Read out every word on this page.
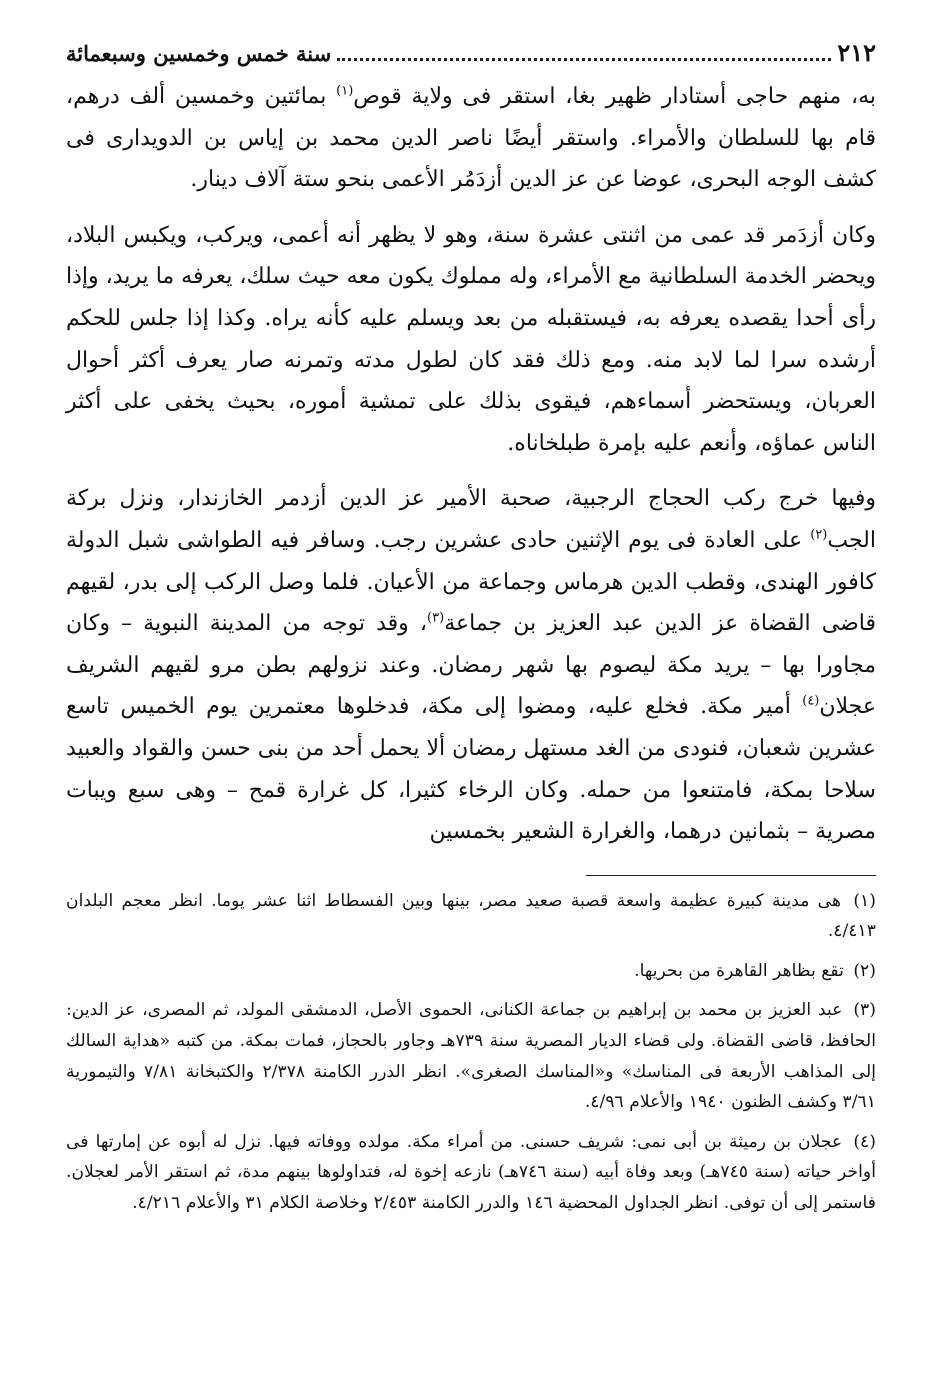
٢١٢
سنة خمس وخمسين وسبعمائة

به، منهم حاجى أستادار ظهير بغا، استقر فى ولاية قوص$^{(١)}$ بمائتين وخمسين ألف درهم، قام بها للسلطان والأمراء. واستقر أيضًا ناصر الدين محمد بن إياس بن الدويدارى فى كشف الوجه البحرى، عوضا عن عز الدين أزدَمُر الأعمى بنحو ستة آلاف دينار.

وكان أزدَمر قد عمى من اثنتى عشرة سنة، وهو لا يظهر أنه أعمى، ويركب، ويكبس البلاد، ويحضر الخدمة السلطانية مع الأمراء، وله مملوك يكون معه حيث سلك، يعرفه ما يريد، وإذا رأى أحدا يقصده يعرفه به، فيستقبله من بعد ويسلم عليه كأنه يراه. وكذا إذا جلس للحكم أرشده سرا لما لابد منه. ومع ذلك فقد كان لطول مدته وتمرنه صار يعرف أكثر أحوال العربان، ويستحضر أسماءهم، فيقوى بذلك على تمشية أموره، بحيث يخفى على أكثر الناس عماؤه، وأنعم عليه بإمرة طبلخاناه.

وفيها خرج ركب الحجاج الرجبية، صحبة الأمير عز الدين أزدمر الخازندار، ونزل بركة الجب$^{(٢)}$ على العادة فى يوم الإثنين حادى عشرين رجب. وسافر فيه الطواشى شبل الدولة كافور الهندى، وقطب الدين هرماس وجماعة من الأعيان. فلما وصل الركب إلى بدر، لقيهم قاضى القضاة عز الدين عبد العزيز بن جماعة$^{(٣)}$، وقد توجه من المدينة النبوية – وكان مجاورا بها – يريد مكة ليصوم بها شهر رمضان. وعند نزولهم بطن مرو لقيهم الشريف عجلان$^{(٤)}$ أمير مكة. فخلع عليه، ومضوا إلى مكة، فدخلوها معتمرين يوم الخميس تاسع عشرين شعبان، فنودى من الغد مستهل رمضان ألا يحمل أحد من بنى حسن والقواد والعبيد سلاحا بمكة، فامتنعوا من حمله. وكان الرخاء كثيرا، كل غرارة قمح – وهى سبع ويبات مصرية – بثمانين درهما، والغرارة الشعير بخمسين

(١) هى مدينة كبيرة عظيمة واسعة قصبة صعيد مصر، بينها وبين الفسطاط اثنا عشر يوما. انظر معجم البلدان ٤/٤١٣.

(٢) تقع بظاهر القاهرة من بحريها.

(٣) عبد العزيز بن محمد بن إبراهيم بن جماعة الكنانى، الحموى الأصل، الدمشقى المولد، ثم المصرى، عز الدين: الحافظ، قاضى القضاة. ولى قضاء الديار المصرية سنة ٧٣٩هـ وجاور بالحجاز، فمات بمكة. من كتبه «هداية السالك إلى المذاهب الأربعة فى المناسك» و«المناسك الصغرى». انظر الدرر الكامنة ٢/٣٧٨ والكتبخانة ٧/٨١ والتيمورية ٣/٦١ وكشف الظنون ١٩٤٠ والأعلام ٤/٩٦.

(٤) عجلان بن رميثة بن أبى نمى: شريف حسنى. من أمراء مكة. مولده ووفاته فيها. نزل له أبوه عن إمارتها فى أواخر حياته (سنة ٧٤٥هـ) وبعد وفاة أبيه (سنة ٧٤٦هـ) نازعه إخوة له، فتداولوها بينهم مدة، ثم استقر الأمر لعجلان. فاستمر إلى أن توفى. انظر الجداول المحضية ١٤٦ والدرر الكامنة ٢/٤٥٣ وخلاصة الكلام ٣١ والأعلام ٤/٢١٦.
